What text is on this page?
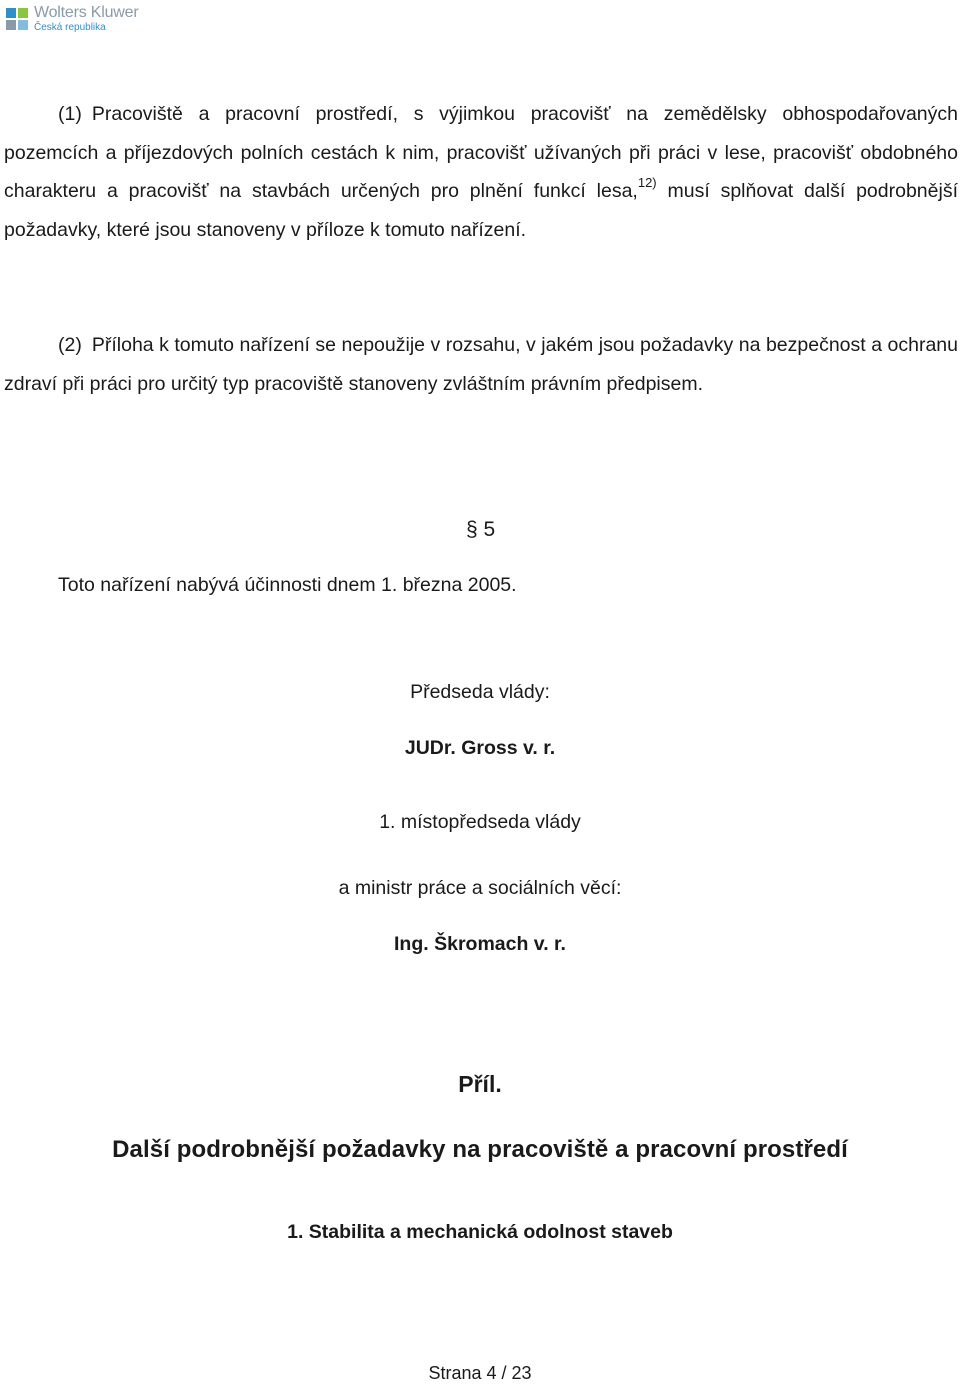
Wolters Kluwer
Česká republika
(1) Pracoviště a pracovní prostředí, s výjimkou pracovišť na zemědělsky obhospodařovaných pozemcích a příjezdových polních cestách k nim, pracovišť užívaných při práci v lese, pracovišť obdobného charakteru a pracovišť na stavbách určených pro plnění funkcí lesa,$^{12)}$ musí splňovat další podrobnější požadavky, které jsou stanoveny v příloze k tomuto nařízení.
(2) Příloha k tomuto nařízení se nepoužije v rozsahu, v jakém jsou požadavky na bezpečnost a ochranu zdraví při práci pro určitý typ pracoviště stanoveny zvláštním právním předpisem.
§ 5
Toto nařízení nabývá účinnosti dnem 1. března 2005.
Předseda vlády:
JUDr. Gross v. r.
1. místopředseda vlády
a ministr práce a sociálních věcí:
Ing. Škromach v. r.
Příl.
Další podrobnější požadavky na pracoviště a pracovní prostředí
1. Stabilita a mechanická odolnost staveb
Strana 4 / 23
